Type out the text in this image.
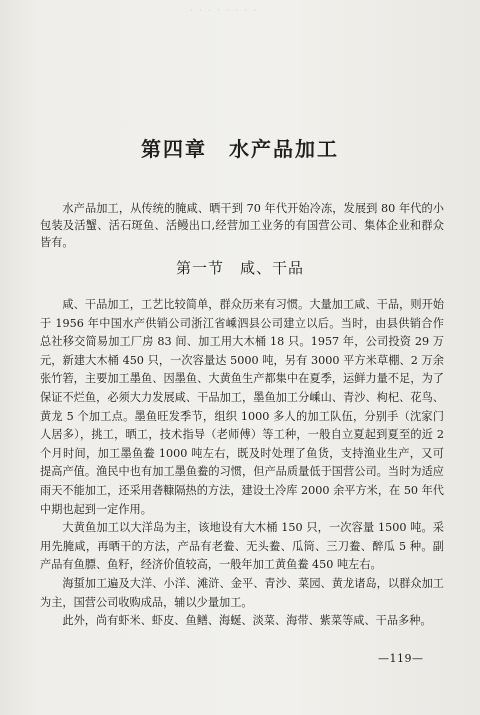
· · · · · · · ·
第四章　水产品加工

水产品加工，从传统的腌咸、晒干到 70 年代开始冷冻，发展到 80 年代的小包装及活蟹、活石斑鱼、活鳗出口,经营加工业务的有国营公司、集体企业和群众皆有。

第一节　咸、干品

咸、干品加工，工艺比较简单，群众历来有习惯。大量加工咸、干品，则开始于 1956 年中国水产供销公司浙江省嵊泗县公司建立以后。当时，由县供销合作总社移交简易加工厂房 83 间、加工用大木桶 18 只。1957 年，公司投资 29 万元，新建大木桶 450 只，一次容量达 5000 吨，另有 3000 平方米草棚、2 万余张竹箬，主要加工墨鱼、因墨鱼、大黄鱼生产都集中在夏季，运鲜力量不足，为了保证不烂鱼，必须大力发展咸、干品加工，墨鱼加工分嵊山、青沙、枸杞、花鸟、黄龙 5 个加工点。墨鱼旺发季节，组织 1000 多人的加工队伍，分别手（沈家门人居多），挑工，晒工，技术指导（老师傅）等工种，一般自立夏起到夏至的近 2 个月时间，加工墨鱼鲞 1000 吨左右，既及时处理了鱼货，支持渔业生产，又可提高产值。渔民中也有加工墨鱼鲞的习惯，但产品质量低于国营公司。当时为适应雨天不能加工，还采用砻糠隔热的方法，建设土冷库 2000 余平方米，在 50 年代中期也起到一定作用。

大黄鱼加工以大洋岛为主，该地设有大木桶 150 只，一次容量 1500 吨。采用先腌咸，再晒干的方法，产品有老鲞、无头鲞、瓜筒、三刀鲞、醉瓜 5 种。副产品有鱼膘、鱼籽，经济价值较高，一般年加工黄鱼鲞 450 吨左右。

海蜇加工遍及大洋、小洋、滩浒、金平、青沙、菜园、黄龙诸岛，以群众加工为主，国营公司收购成品，辅以少量加工。

此外，尚有虾米、虾皮、鱼鳝、海蜒、淡菜、海带、紫菜等咸、干品多种。

—119—
